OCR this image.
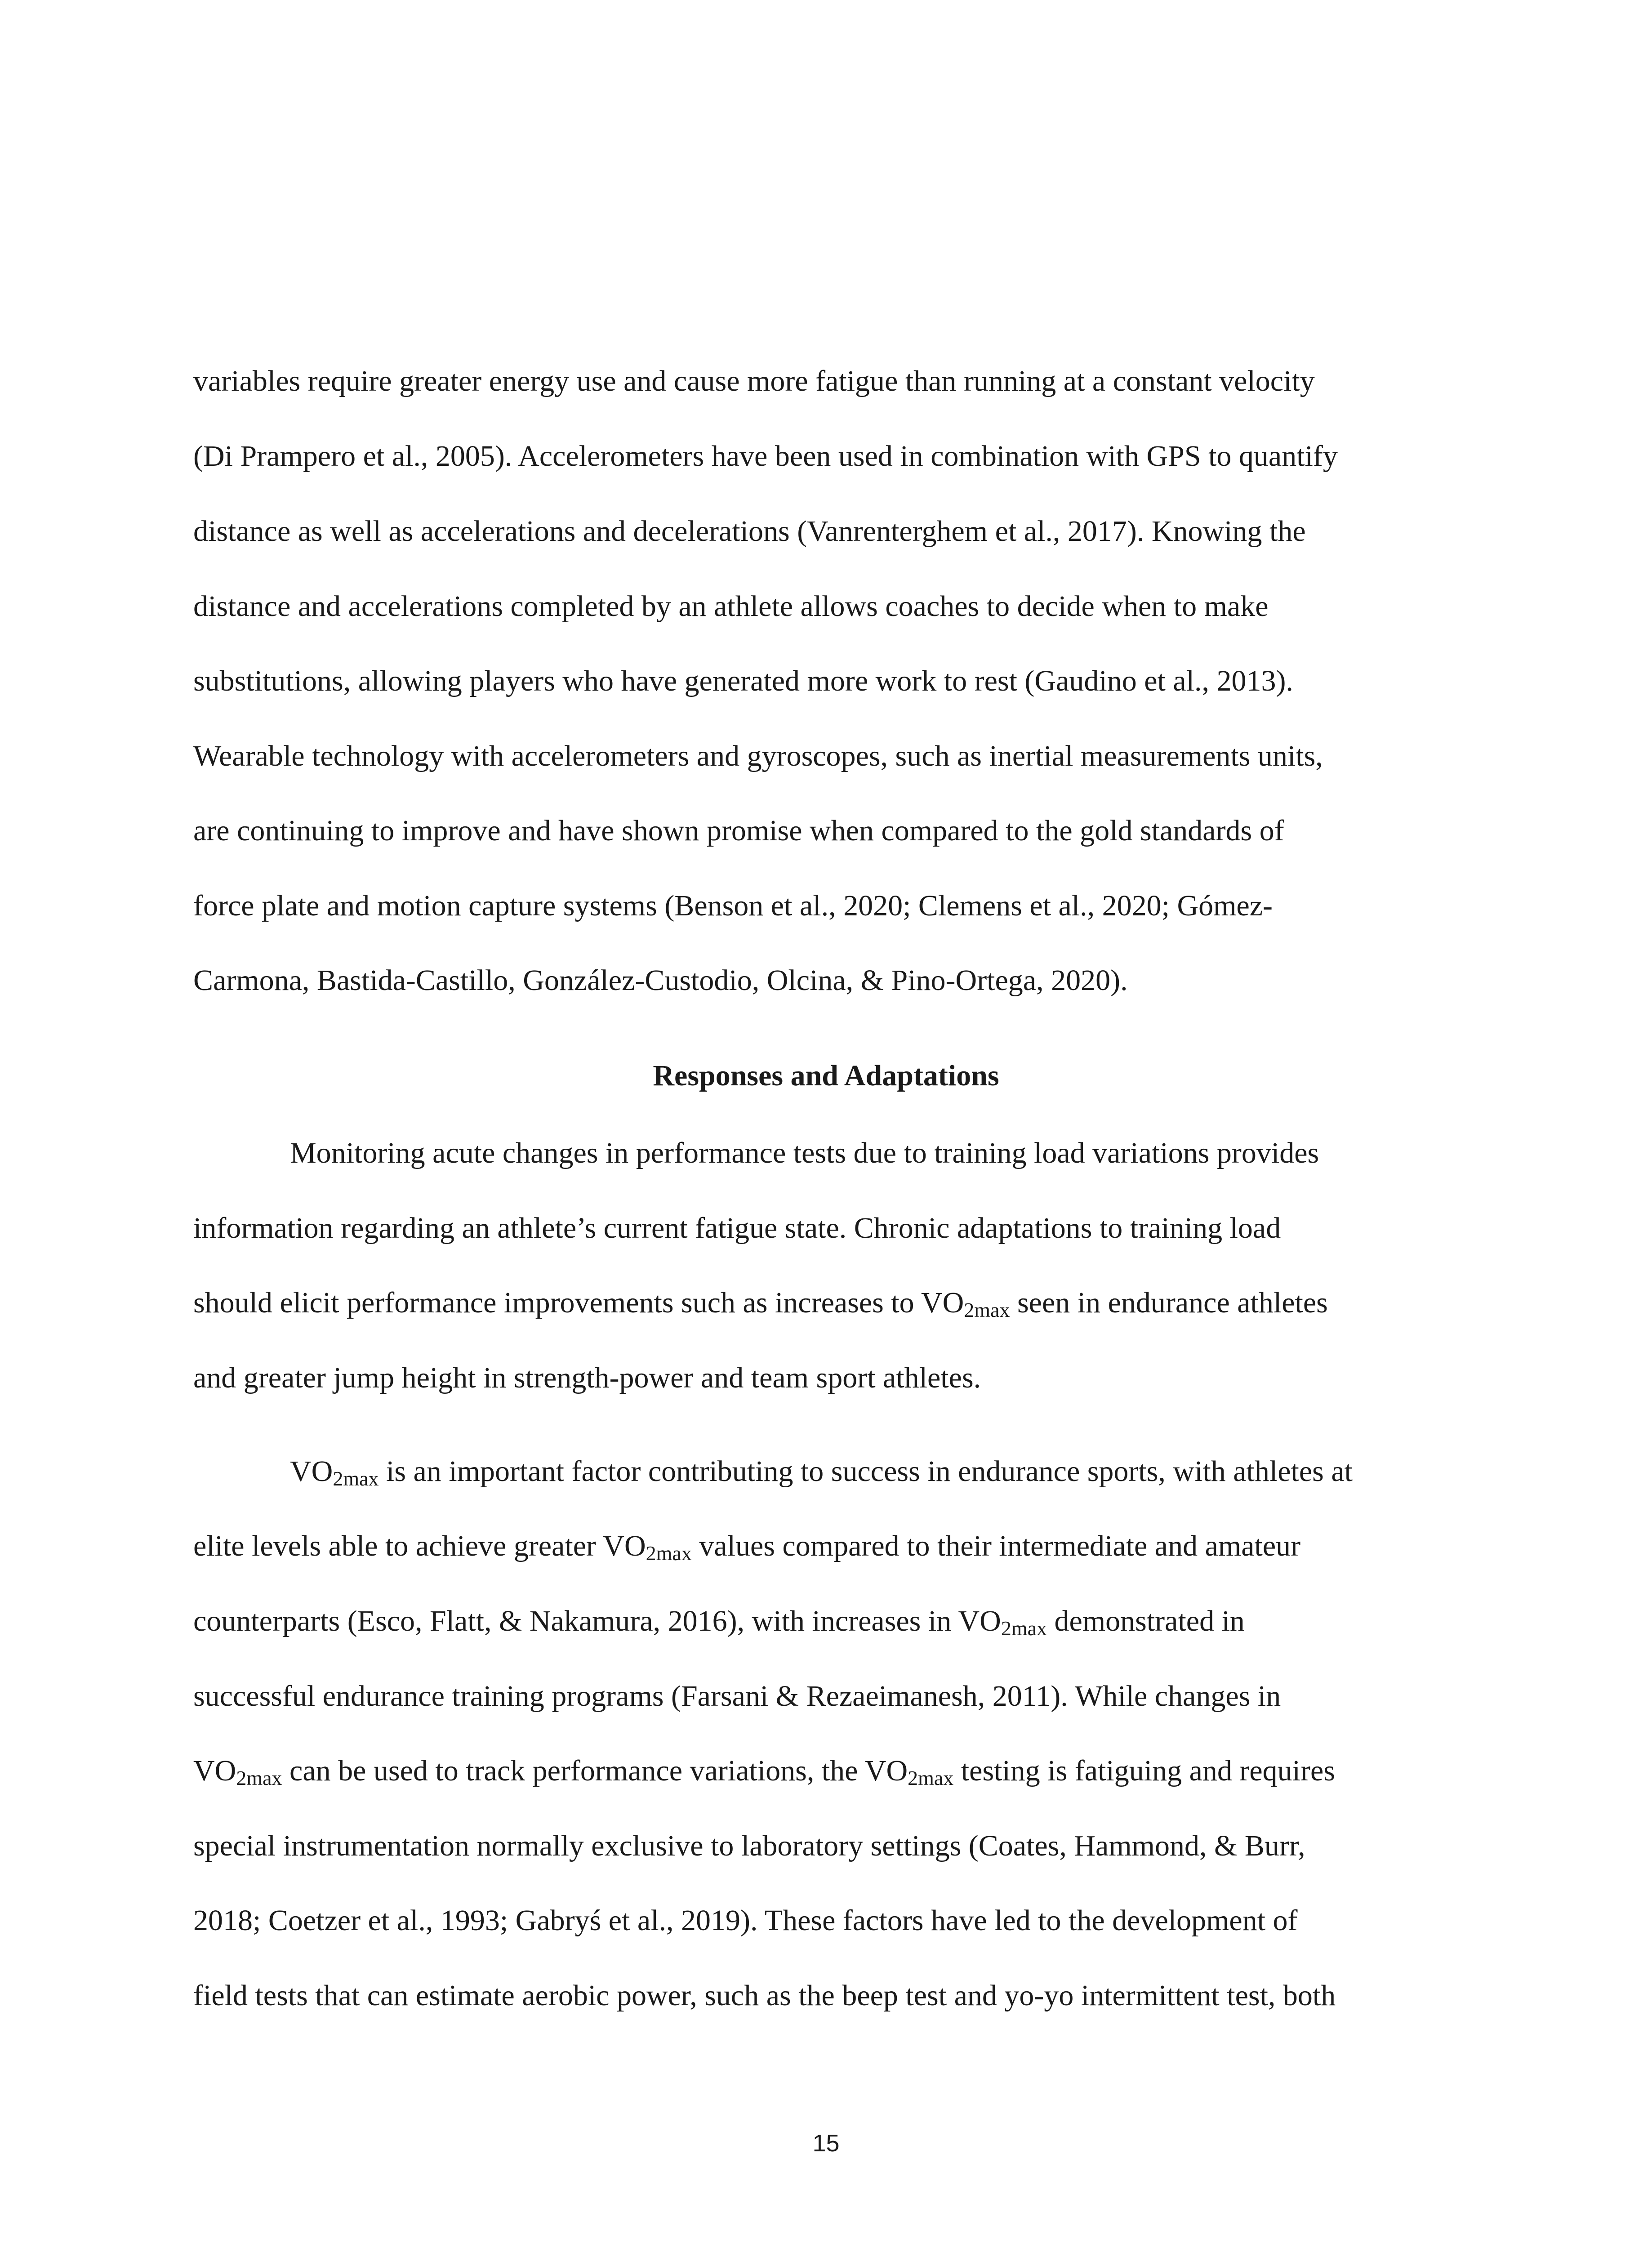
variables require greater energy use and cause more fatigue than running at a constant velocity
(Di Prampero et al., 2005). Accelerometers have been used in combination with GPS to quantify
distance as well as accelerations and decelerations (Vanrenterghem et al., 2017). Knowing the
distance and accelerations completed by an athlete allows coaches to decide when to make
substitutions, allowing players who have generated more work to rest (Gaudino et al., 2013).
Wearable technology with accelerometers and gyroscopes, such as inertial measurements units,
are continuing to improve and have shown promise when compared to the gold standards of
force plate and motion capture systems (Benson et al., 2020; Clemens et al., 2020; Gómez-
Carmona, Bastida-Castillo, González-Custodio, Olcina, & Pino-Ortega, 2020).
Responses and Adaptations
Monitoring acute changes in performance tests due to training load variations provides
information regarding an athlete’s current fatigue state. Chronic adaptations to training load
should elicit performance improvements such as increases to $VO_{2max}$ seen in endurance athletes
and greater jump height in strength-power and team sport athletes.
$VO_{2max}$ is an important factor contributing to success in endurance sports, with athletes at
elite levels able to achieve greater $VO_{2max}$ values compared to their intermediate and amateur
counterparts (Esco, Flatt, & Nakamura, 2016), with increases in $VO_{2max}$ demonstrated in
successful endurance training programs (Farsani & Rezaeimanesh, 2011). While changes in
$VO_{2max}$ can be used to track performance variations, the $VO_{2max}$ testing is fatiguing and requires
special instrumentation normally exclusive to laboratory settings (Coates, Hammond, & Burr,
2018; Coetzer et al., 1993; Gabryś et al., 2019). These factors have led to the development of
field tests that can estimate aerobic power, such as the beep test and yo-yo intermittent test, both
15
